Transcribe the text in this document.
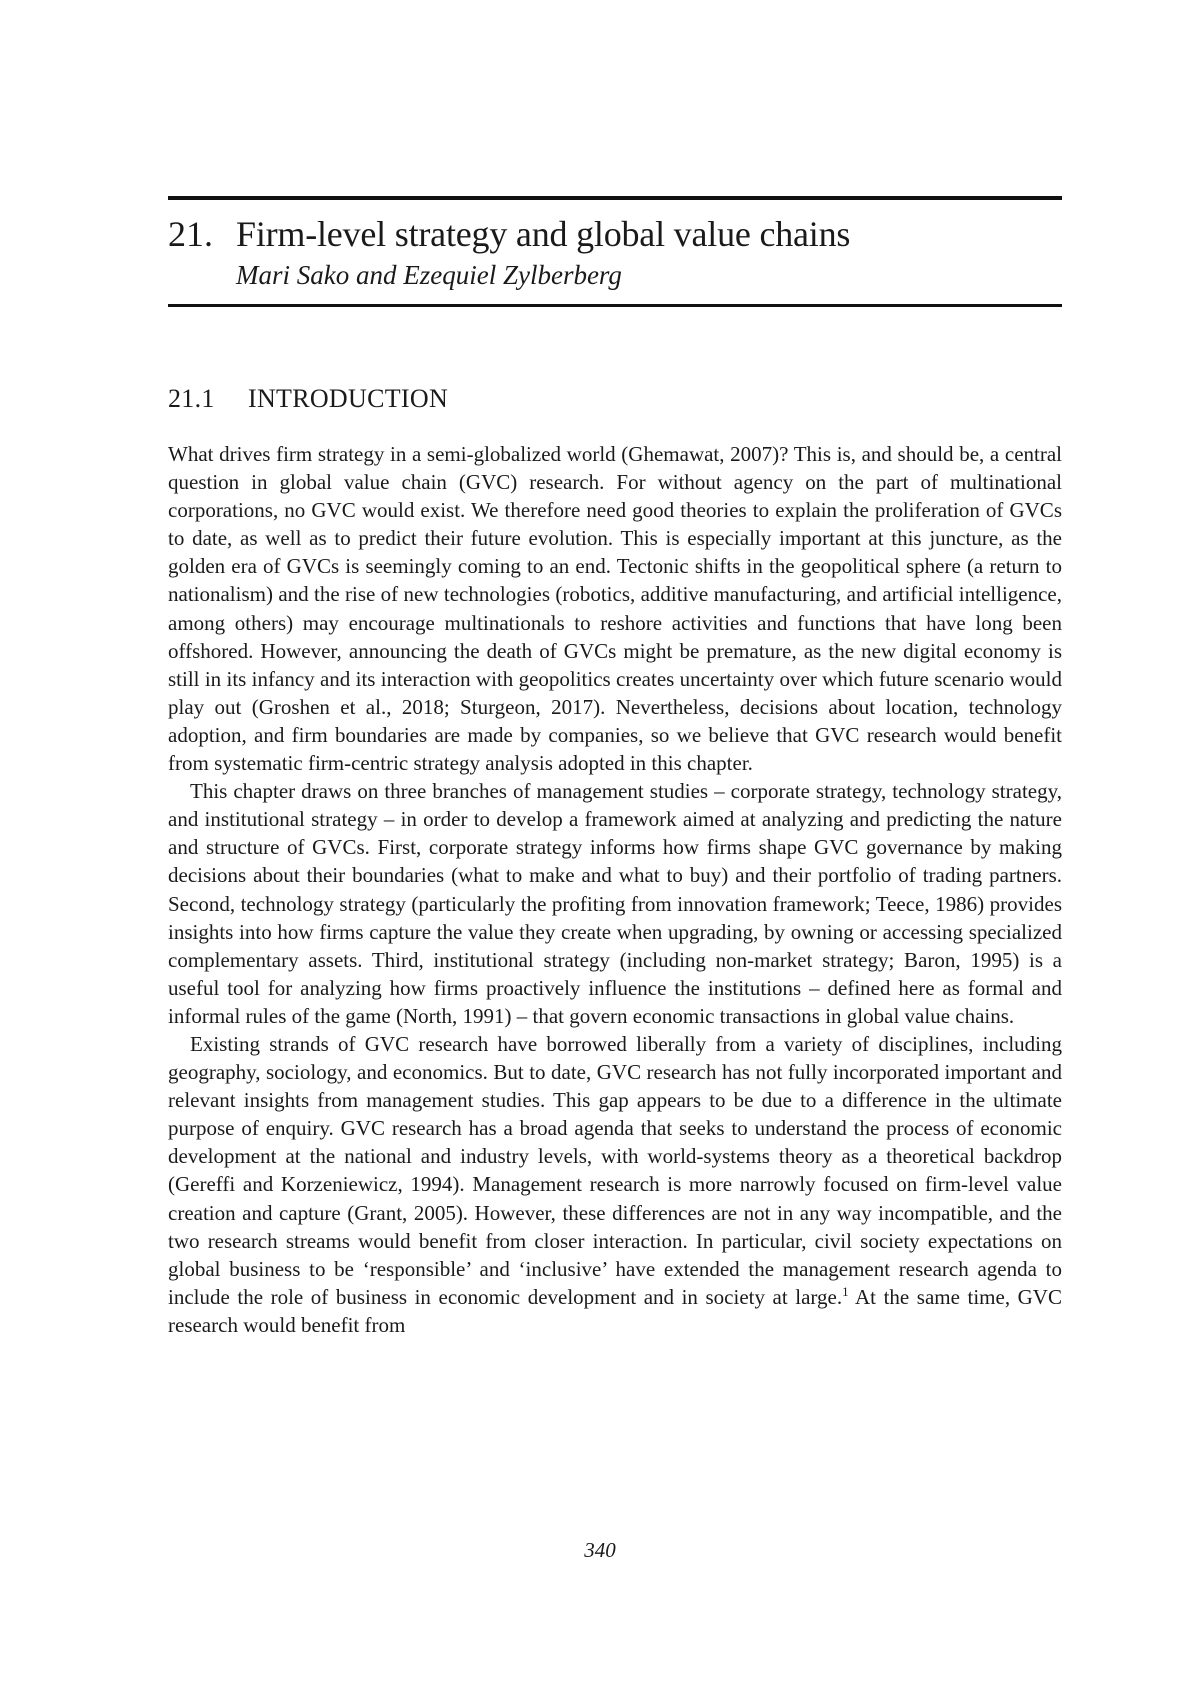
21. Firm-level strategy and global value chains
Mari Sako and Ezequiel Zylberberg
21.1 INTRODUCTION

What drives firm strategy in a semi-globalized world (Ghemawat, 2007)? This is, and should be, a central question in global value chain (GVC) research. For without agency on the part of multinational corporations, no GVC would exist. We therefore need good theories to explain the proliferation of GVCs to date, as well as to predict their future evolution. This is especially important at this juncture, as the golden era of GVCs is seemingly coming to an end. Tectonic shifts in the geopolitical sphere (a return to nationalism) and the rise of new technologies (robotics, additive manufacturing, and artificial intelligence, among others) may encourage multinationals to reshore activities and functions that have long been offshored. However, announcing the death of GVCs might be premature, as the new digital economy is still in its infancy and its interaction with geopolitics creates uncertainty over which future scenario would play out (Groshen et al., 2018; Sturgeon, 2017). Nevertheless, decisions about location, technology adoption, and firm boundaries are made by companies, so we believe that GVC research would benefit from systematic firm-centric strategy analysis adopted in this chapter.

This chapter draws on three branches of management studies – corporate strategy, technology strategy, and institutional strategy – in order to develop a framework aimed at analyzing and predicting the nature and structure of GVCs. First, corporate strategy informs how firms shape GVC governance by making decisions about their boundaries (what to make and what to buy) and their portfolio of trading partners. Second, technology strategy (particularly the profiting from innovation framework; Teece, 1986) provides insights into how firms capture the value they create when upgrading, by owning or accessing specialized complementary assets. Third, institutional strategy (including non-market strategy; Baron, 1995) is a useful tool for analyzing how firms proactively influence the institutions – defined here as formal and informal rules of the game (North, 1991) – that govern economic transactions in global value chains.

Existing strands of GVC research have borrowed liberally from a variety of disciplines, including geography, sociology, and economics. But to date, GVC research has not fully incorporated important and relevant insights from management studies. This gap appears to be due to a difference in the ultimate purpose of enquiry. GVC research has a broad agenda that seeks to understand the process of economic development at the national and industry levels, with world-systems theory as a theoretical backdrop (Gereffi and Korzeniewicz, 1994). Management research is more narrowly focused on firm-level value creation and capture (Grant, 2005). However, these differences are not in any way incompatible, and the two research streams would benefit from closer interaction. In particular, civil society expectations on global business to be ‘responsible’ and ‘inclusive’ have extended the management research agenda to include the role of business in economic development and in society at large.$^1$ At the same time, GVC research would benefit from

340
